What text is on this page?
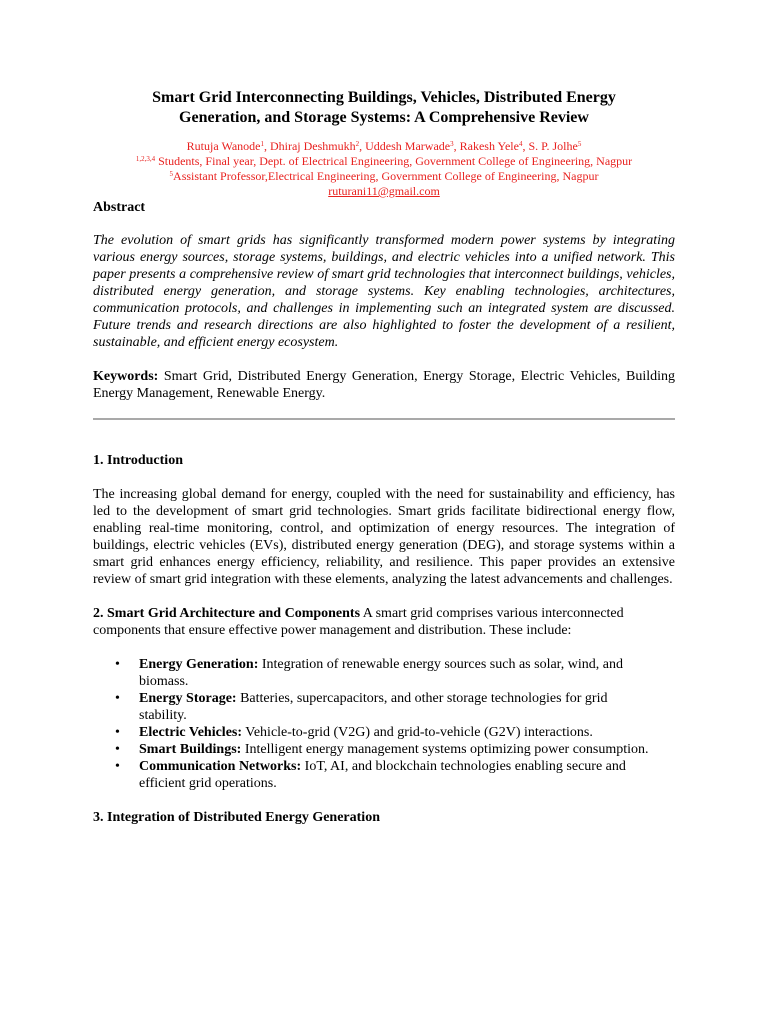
Smart Grid Interconnecting Buildings, Vehicles, Distributed Energy
Generation, and Storage Systems: A Comprehensive Review
Rutuja Wanode$^1$, Dhiraj Deshmukh$^2$, Uddesh Marwade$^3$, Rakesh Yele$^4$, S. P. Jolhe$^5$
$^{1,2,3,4}$ Students, Final year, Dept. of Electrical Engineering, Government College of Engineering, Nagpur
$^5$Assistant Professor,Electrical Engineering, Government College of Engineering, Nagpur
ruturani11@gmail.com
Abstract
The evolution of smart grids has significantly transformed modern power systems by integrating various energy sources, storage systems, buildings, and electric vehicles into a unified network. This paper presents a comprehensive review of smart grid technologies that interconnect buildings, vehicles, distributed energy generation, and storage systems. Key enabling technologies, architectures, communication protocols, and challenges in implementing such an integrated system are discussed. Future trends and research directions are also highlighted to foster the development of a resilient, sustainable, and efficient energy ecosystem.
Keywords: Smart Grid, Distributed Energy Generation, Energy Storage, Electric Vehicles, Building Energy Management, Renewable Energy.
1. Introduction
The increasing global demand for energy, coupled with the need for sustainability and efficiency, has led to the development of smart grid technologies. Smart grids facilitate bidirectional energy flow, enabling real-time monitoring, control, and optimization of energy resources. The integration of buildings, electric vehicles (EVs), distributed energy generation (DEG), and storage systems within a smart grid enhances energy efficiency, reliability, and resilience. This paper provides an extensive review of smart grid integration with these elements, analyzing the latest advancements and challenges.
2. Smart Grid Architecture and Components A smart grid comprises various interconnected components that ensure effective power management and distribution. These include:
• Energy Generation: Integration of renewable energy sources such as solar, wind, and biomass.
• Energy Storage: Batteries, supercapacitors, and other storage technologies for grid stability.
• Electric Vehicles: Vehicle-to-grid (V2G) and grid-to-vehicle (G2V) interactions.
• Smart Buildings: Intelligent energy management systems optimizing power consumption.
• Communication Networks: IoT, AI, and blockchain technologies enabling secure and efficient grid operations.
3. Integration of Distributed Energy Generation
